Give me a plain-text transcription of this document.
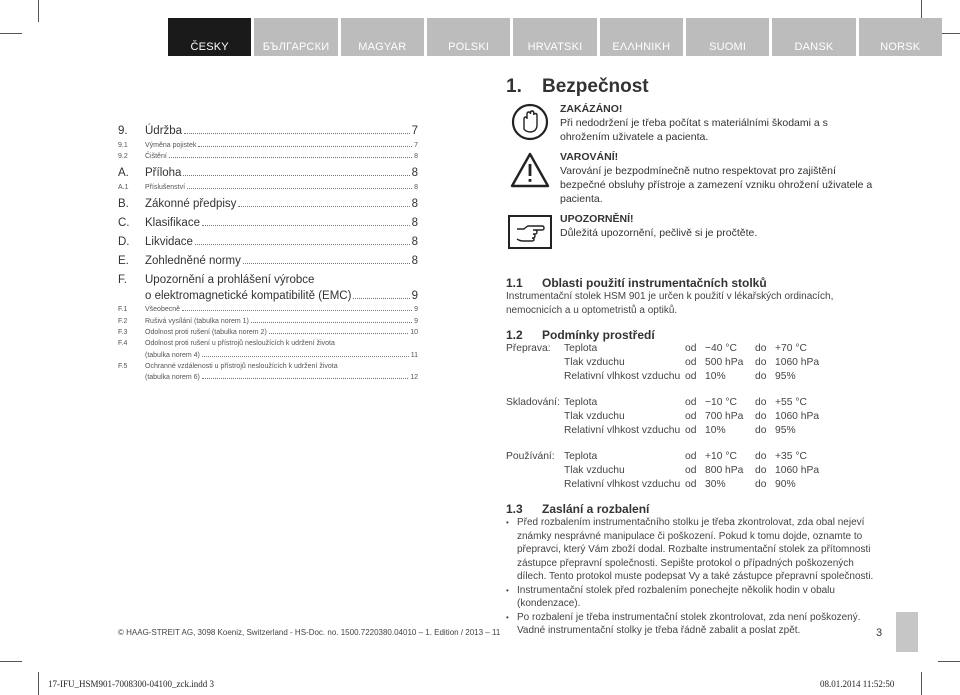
ČESKY	БЪЛГАРСКИ	MAGYAR	POLSKI	HRVATSKI	ΕΛΛΗΝΙΚΗ	SUOMI	DANSK	NORSK
9.	Údržba	7
9.1	Výměna pojistek	7
9.2	Čištění	8
A.	Příloha	8
A.1	Příslušenství	8
B.	Zákonné předpisy	8
C.	Klasifikace	8
D.	Likvidace	8
E.	Zohledněné normy	8
F.	Upozornění a prohlášení výrobce
o elektromagnetické kompatibilitě (EMC)	9
F.1	Všeobecně	9
F.2	Rušivá vysílání (tabulka norem 1)	9
F.3	Odolnost proti rušení (tabulka norem 2)	10
F.4	Odolnost proti rušení u přístrojů nesloužících k udržení života
(tabulka norem 4)	11
F.5	Ochranné vzdálenosti u přístrojů nesloužících k udržení života
(tabulka norem 6)	12
© HAAG-STREIT AG, 3098 Koeniz, Switzerland - HS-Doc. no. 1500.7220380.04010 – 1. Edition / 2013 – 11
1. Bezpečnost
ZAKÁZÁNO!
Při nedodržení je třeba počítat s materiálními škodami a s ohrožením uživatele a pacienta.
VAROVÁNÍ!
Varování je bezpodmínečně nutno respektovat pro zajištění bezpečné obsluhy přístroje a zamezení vzniku ohrožení uživatele a pacienta.
UPOZORNĚNÍ!
Důležitá upozornění, pečlivě si je pročtěte.
1.1	Oblasti použití instrumentačních stolků
Instrumentační stolek HSM 901 je určen k použití v lékařských ordinacích, nemocnicích a u optometristů a optiků.
1.2	Podmínky prostředí
Přeprava:	Teplota	od −40 °C	do +70 °C
Tlak vzduchu	od 500 hPa	do 1060 hPa
Relativní vlhkost vzduchu od 10%	do 95%
Skladování: Teplota	od −10 °C	do +55 °C
Tlak vzduchu	od 700 hPa	do 1060 hPa
Relativní vlhkost vzduchu od 10%	do 95%
Používání: Teplota	od +10 °C	do +35 °C
Tlak vzduchu	od 800 hPa	do 1060 hPa
Relativní vlhkost vzduchu od 30%	do 90%
1.3	Zaslání a rozbalení
• Před rozbalením instrumentačního stolku je třeba zkontrolovat, zda obal nejeví známky nesprávné manipulace či poškození. Pokud k tomu dojde, oznamte to přepravci, který Vám zboží dodal. Rozbalte instrumentační stolek za přítomnosti zástupce přepravní společnosti. Sepište protokol o případných poškozených dílech. Tento protokol muste podepsat Vy a také zástupce přepravní společnosti.
• Instrumentační stolek před rozbalením ponechejte několik hodin v obalu (kondenzace).
• Po rozbalení je třeba instrumentační stolek zkontrolovat, zda není poškozený. Vadné instrumentační stolky je třeba řádně zabalit a poslat zpět.	3
17-IFU_HSM901-7008300-04100_zck.indd 3	08.01.2014 11:52:50
